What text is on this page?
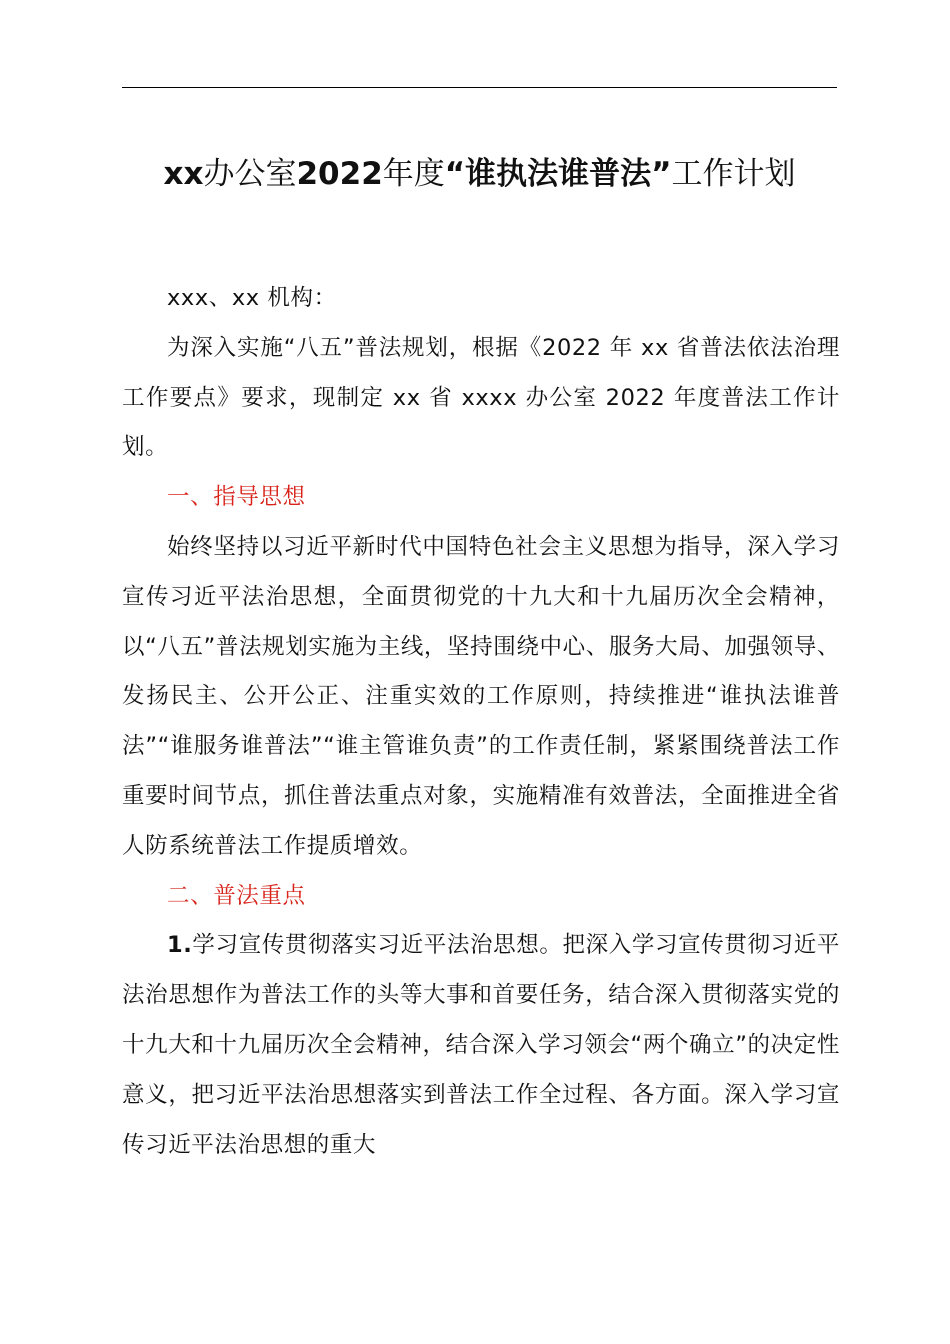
xx办公室2022年度“谁执法谁普法”工作计划

xxx、xx 机构：

为深入实施“八五”普法规划，根据《2022 年 xx 省普法依法治理工作要点》要求，现制定 xx 省 xxxx 办公室 2022 年度普法工作计划。

一、指导思想

始终坚持以习近平新时代中国特色社会主义思想为指导，深入学习宣传习近平法治思想，全面贯彻党的十九大和十九届历次全会精神，以“八五”普法规划实施为主线，坚持围绕中心、服务大局、加强领导、发扬民主、公开公正、注重实效的工作原则，持续推进“谁执法谁普法”“谁服务谁普法”“谁主管谁负责”的工作责任制，紧紧围绕普法工作重要时间节点，抓住普法重点对象，实施精准有效普法，全面推进全省人防系统普法工作提质增效。

二、普法重点

1.学习宣传贯彻落实习近平法治思想。把深入学习宣传贯彻习近平法治思想作为普法工作的头等大事和首要任务，结合深入贯彻落实党的十九大和十九届历次全会精神，结合深入学习领会“两个确立”的决定性意义，把习近平法治思想落实到普法工作全过程、各方面。深入学习宣传习近平法治思想的重大
